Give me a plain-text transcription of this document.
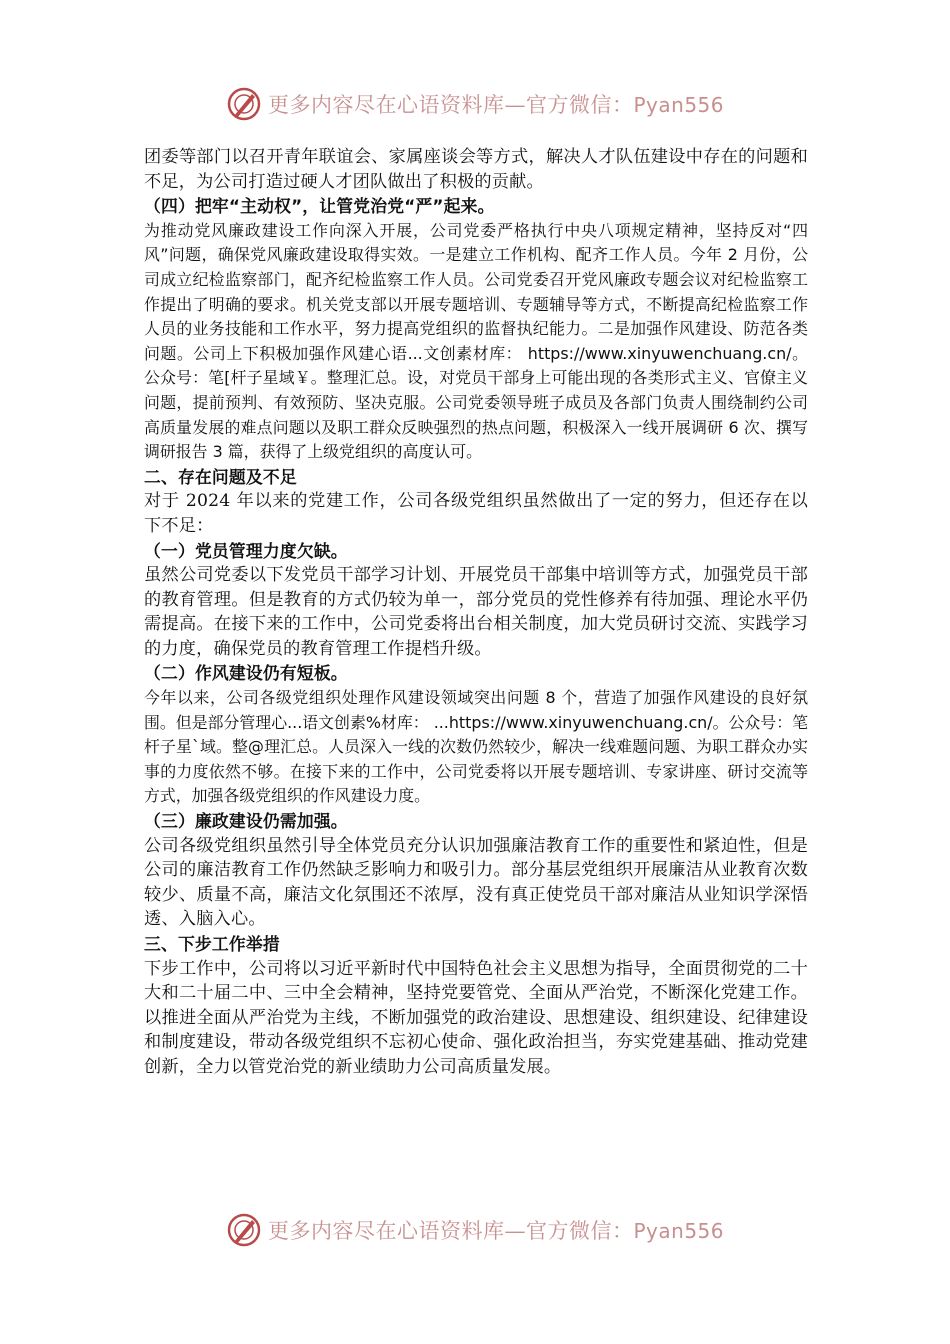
更多内容尽在心语资料库—官方微信：Pyan556

团委等部门以召开青年联谊会、家属座谈会等方式，解决人才队伍建设中存在的问题和不足，为公司打造过硬人才团队做出了积极的贡献。

（四）把牢“主动权”，让管党治党“严”起来。

为推动党风廉政建设工作向深入开展，公司党委严格执行中央八项规定精神，坚持反对“四风”问题，确保党风廉政建设取得实效。一是建立工作机构、配齐工作人员。今年 2 月份，公司成立纪检监察部门，配齐纪检监察工作人员。公司党委召开党风廉政专题会议对纪检监察工作提出了明确的要求。机关党支部以开展专题培训、专题辅导等方式，不断提高纪检监察工作人员的业务技能和工作水平，努力提高党组织的监督执纪能力。二是加强作风建设、防范各类问题。公司上下积极加强作风建心语...文创素材库： https://www.xinyuwenchuang.cn/。公众号：笔[杆子星域￥。整理汇总。设，对党员干部身上可能出现的各类形式主义、官僚主义问题，提前预判、有效预防、坚决克服。公司党委领导班子成员及各部门负责人围绕制约公司高质量发展的难点问题以及职工群众反映强烈的热点问题，积极深入一线开展调研 6 次、撰写调研报告 3 篇，获得了上级党组织的高度认可。

二、存在问题及不足

对于 2024 年以来的党建工作，公司各级党组织虽然做出了一定的努力，但还存在以下不足：

（一）党员管理力度欠缺。

虽然公司党委以下发党员干部学习计划、开展党员干部集中培训等方式，加强党员干部的教育管理。但是教育的方式仍较为单一，部分党员的党性修养有待加强、理论水平仍需提高。在接下来的工作中，公司党委将出台相关制度，加大党员研讨交流、实践学习的力度，确保党员的教育管理工作提档升级。

（二）作风建设仍有短板。

今年以来，公司各级党组织处理作风建设领域突出问题 8 个，营造了加强作风建设的良好氛围。但是部分管理心...语文创素%材库： ...https://www.xinyuwenchuang.cn/。公众号：笔杆子星`域。整@理汇总。人员深入一线的次数仍然较少，解决一线难题问题、为职工群众办实事的力度依然不够。在接下来的工作中，公司党委将以开展专题培训、专家讲座、研讨交流等方式，加强各级党组织的作风建设力度。

（三）廉政建设仍需加强。

公司各级党组织虽然引导全体党员充分认识加强廉洁教育工作的重要性和紧迫性，但是公司的廉洁教育工作仍然缺乏影响力和吸引力。部分基层党组织开展廉洁从业教育次数较少、质量不高，廉洁文化氛围还不浓厚，没有真正使党员干部对廉洁从业知识学深悟透、入脑入心。

三、下步工作举措

下步工作中，公司将以习近平新时代中国特色社会主义思想为指导，全面贯彻党的二十大和二十届二中、三中全会精神，坚持党要管党、全面从严治党，不断深化党建工作。以推进全面从严治党为主线，不断加强党的政治建设、思想建设、组织建设、纪律建设和制度建设，带动各级党组织不忘初心使命、强化政治担当，夯实党建基础、推动党建创新，全力以管党治党的新业绩助力公司高质量发展。

更多内容尽在心语资料库—官方微信：Pyan556
